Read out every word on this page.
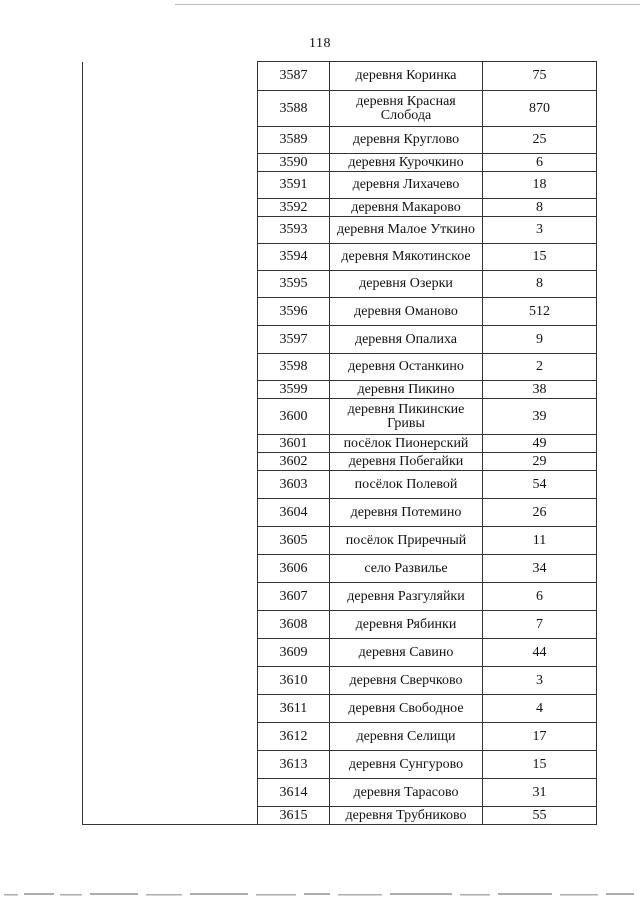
118
	3587	деревня Коринка	75
	3588	деревня Красная Слобода	870
	3589	деревня Круглово	25
	3590	деревня Курочкино	6
	3591	деревня Лихачево	18
	3592	деревня Макарово	8
	3593	деревня Малое Уткино	3
	3594	деревня Мякотинское	15
	3595	деревня Озерки	8
	3596	деревня Оманово	512
	3597	деревня Опалиха	9
	3598	деревня Останкино	2
	3599	деревня Пикино	38
	3600	деревня Пикинские Гривы	39
	3601	посёлок Пионерский	49
	3602	деревня Побегайки	29
	3603	посёлок Полевой	54
	3604	деревня Потемино	26
	3605	посёлок Приречный	11
	3606	село Развилье	34
	3607	деревня Разгуляйки	6
	3608	деревня Рябинки	7
	3609	деревня Савино	44
	3610	деревня Сверчково	3
	3611	деревня Свободное	4
	3612	деревня Селищи	17
	3613	деревня Сунгурово	15
	3614	деревня Тарасово	31
	3615	деревня Трубниково	55
